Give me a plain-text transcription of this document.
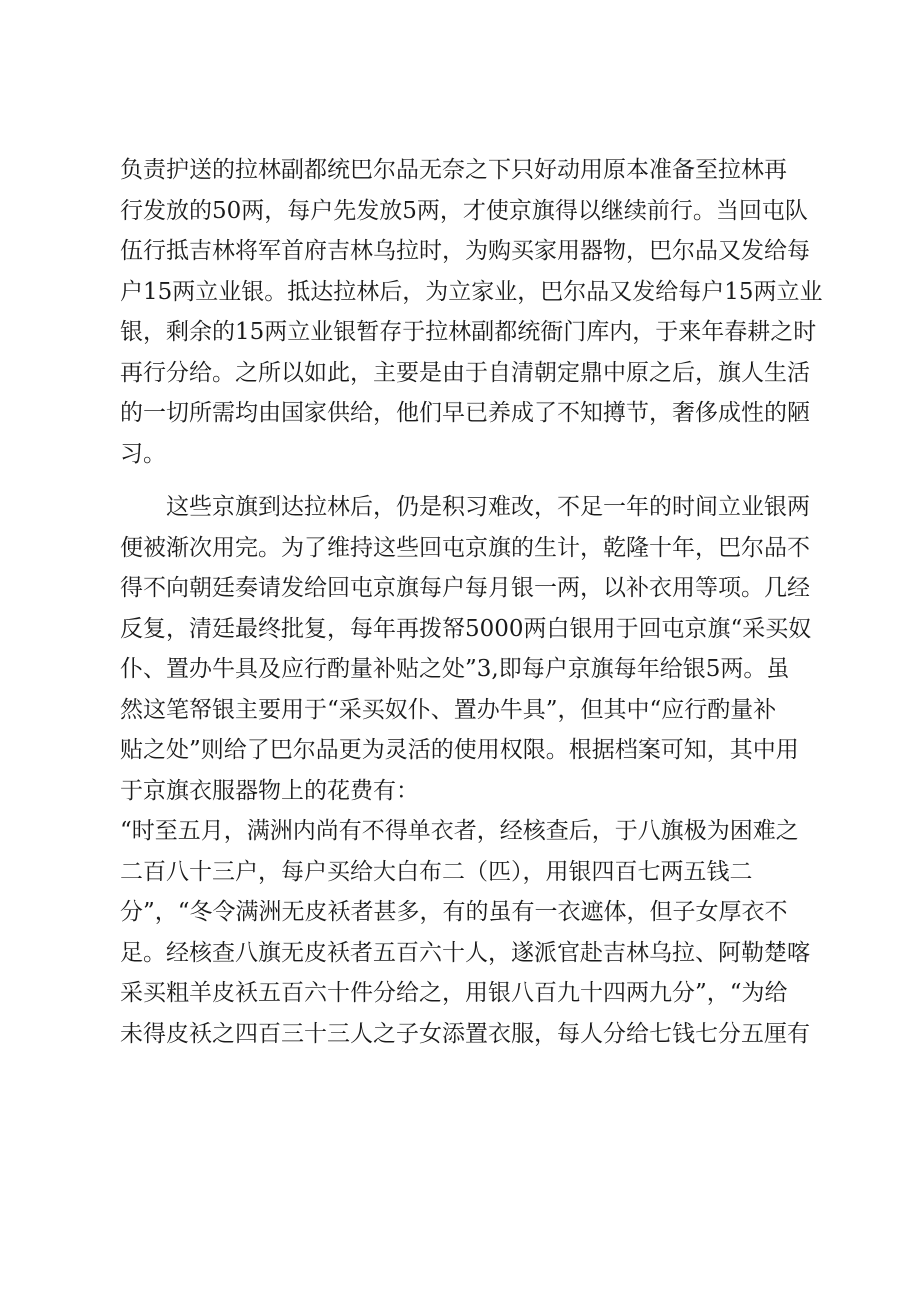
负责护送的拉林副都统巴尔品无奈之下只好动用原本准备至拉林再
行发放的50两，每户先发放5两，才使京旗得以继续前行。当回屯队
伍行抵吉林将军首府吉林乌拉时，为购买家用器物，巴尔品又发给每
户15两立业银。抵达拉林后，为立家业，巴尔品又发给每户15两立业
银，剩余的15两立业银暂存于拉林副都统衙门库内，于来年春耕之时
再行分给。之所以如此，主要是由于自清朝定鼎中原之后，旗人生活
的一切所需均由国家供给，他们早已养成了不知撙节，奢侈成性的陋
习。
　　这些京旗到达拉林后，仍是积习难改，不足一年的时间立业银两
便被渐次用完。为了维持这些回屯京旗的生计，乾隆十年，巴尔品不
得不向朝廷奏请发给回屯京旗每户每月银一两，以补衣用等项。几经
反复，清廷最终批复，每年再拨帑5000两白银用于回屯京旗“采买奴
仆、置办牛具及应行酌量补贴之处”3,即每户京旗每年给银5两。虽
然这笔帑银主要用于“采买奴仆、置办牛具”，但其中“应行酌量补
贴之处”则给了巴尔品更为灵活的使用权限。根据档案可知，其中用
于京旗衣服器物上的花费有：
“时至五月，满洲内尚有不得单衣者，经核查后，于八旗极为困难之
二百八十三户，每户买给大白布二（匹），用银四百七两五钱二
分”，“冬令满洲无皮袄者甚多，有的虽有一衣遮体，但子女厚衣不
足。经核查八旗无皮袄者五百六十人，遂派官赴吉林乌拉、阿勒楚喀
采买粗羊皮袄五百六十件分给之，用银八百九十四两九分”，“为给
未得皮袄之四百三十三人之子女添置衣服，每人分给七钱七分五厘有
